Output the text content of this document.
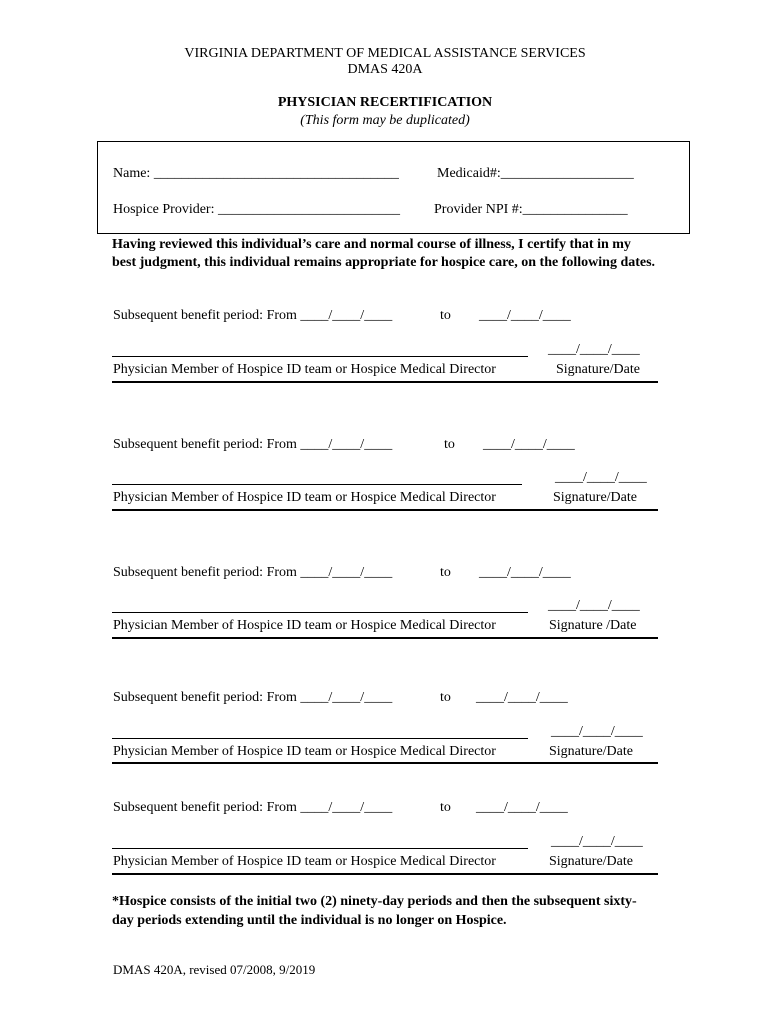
VIRGINIA DEPARTMENT OF MEDICAL ASSISTANCE SERVICES
DMAS 420A
PHYSICIAN RECERTIFICATION
(This form may be duplicated)
Name: ___________________________________	Medicaid#:___________________
Hospice Provider: __________________________ Provider NPI #:_______________
Having reviewed this individual’s care and normal course of illness, I certify that in my best judgment, this individual remains appropriate for hospice care, on the following dates.
Subsequent benefit period: From ____/____/____	to ____/____/____
____/____/____
Physician Member of Hospice ID team or Hospice Medical Director	Signature/Date
Subsequent benefit period: From ____/____/____	to ____/____/____
____/____/____
Physician Member of Hospice ID team or Hospice Medical Director	Signature/Date
Subsequent benefit period: From ____/____/____	to ____/____/____
____/____/____
Physician Member of Hospice ID team or Hospice Medical Director	Signature /Date
Subsequent benefit period: From ____/____/____	to ____/____/____
____/____/____
Physician Member of Hospice ID team or Hospice Medical Director	Signature/Date
Subsequent benefit period: From ____/____/____	to ____/____/____
____/____/____
Physician Member of Hospice ID team or Hospice Medical Director	Signature/Date
*Hospice consists of the initial two (2) ninety-day periods and then the subsequent sixty-day periods extending until the individual is no longer on Hospice.
DMAS 420A, revised 07/2008, 9/2019
